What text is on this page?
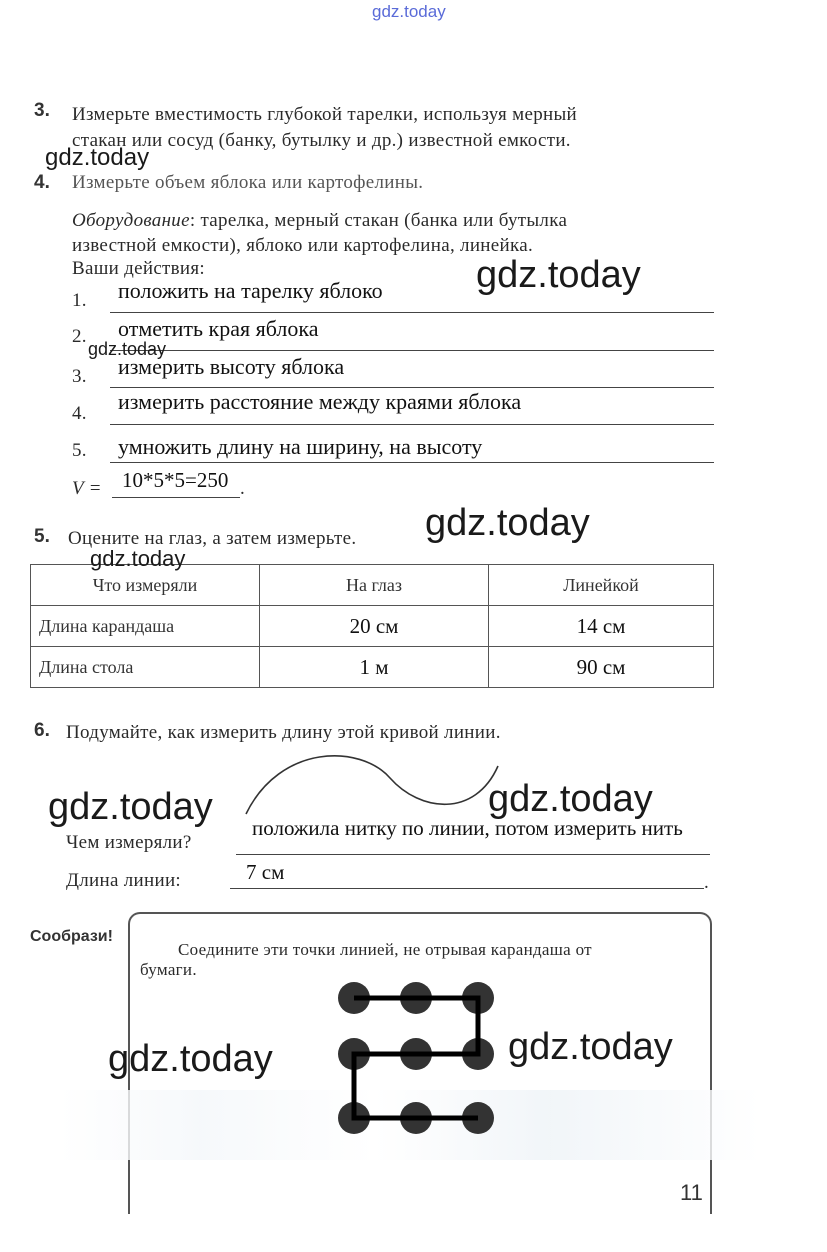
gdz.today
3. Измерьте вместимость глубокой тарелки, используя мерный
стакан или сосуд (банку, бутылку и др.) известной емкости.
gdz.today
4. Измерьте объем яблока или картофелины.
Оборудование: тарелка, мерный стакан (банка или бутылка
известной емкости), яблоко или картофелина, линейка.
Ваши действия:	gdz.today
1. положить на тарелку яблоко
2. отметить края яблока
gdz.today
3. измерить высоту яблока
4. измерить расстояние между краями яблока
5. умножить длину на ширину, на высоту
V = 10*5*5=250 .
5. Оцените на глаз, а затем измерьте. gdz.today
Что измеряли	На глаз	Линейкой
Длина карандаша	20 см	14 см
Длина стола	1 м	90 см
gdz.today
6. Подумайте, как измерить длину этой кривой линии.
gdz.today	gdz.today
Чем измеряли?
положила нитку по линии, потом измерить нить
Длина линии:	7 см	.
Сообрази!
Соедините эти точки линией, не отрывая карандаша от
бумаги.
gdz.today	gdz.today
11
